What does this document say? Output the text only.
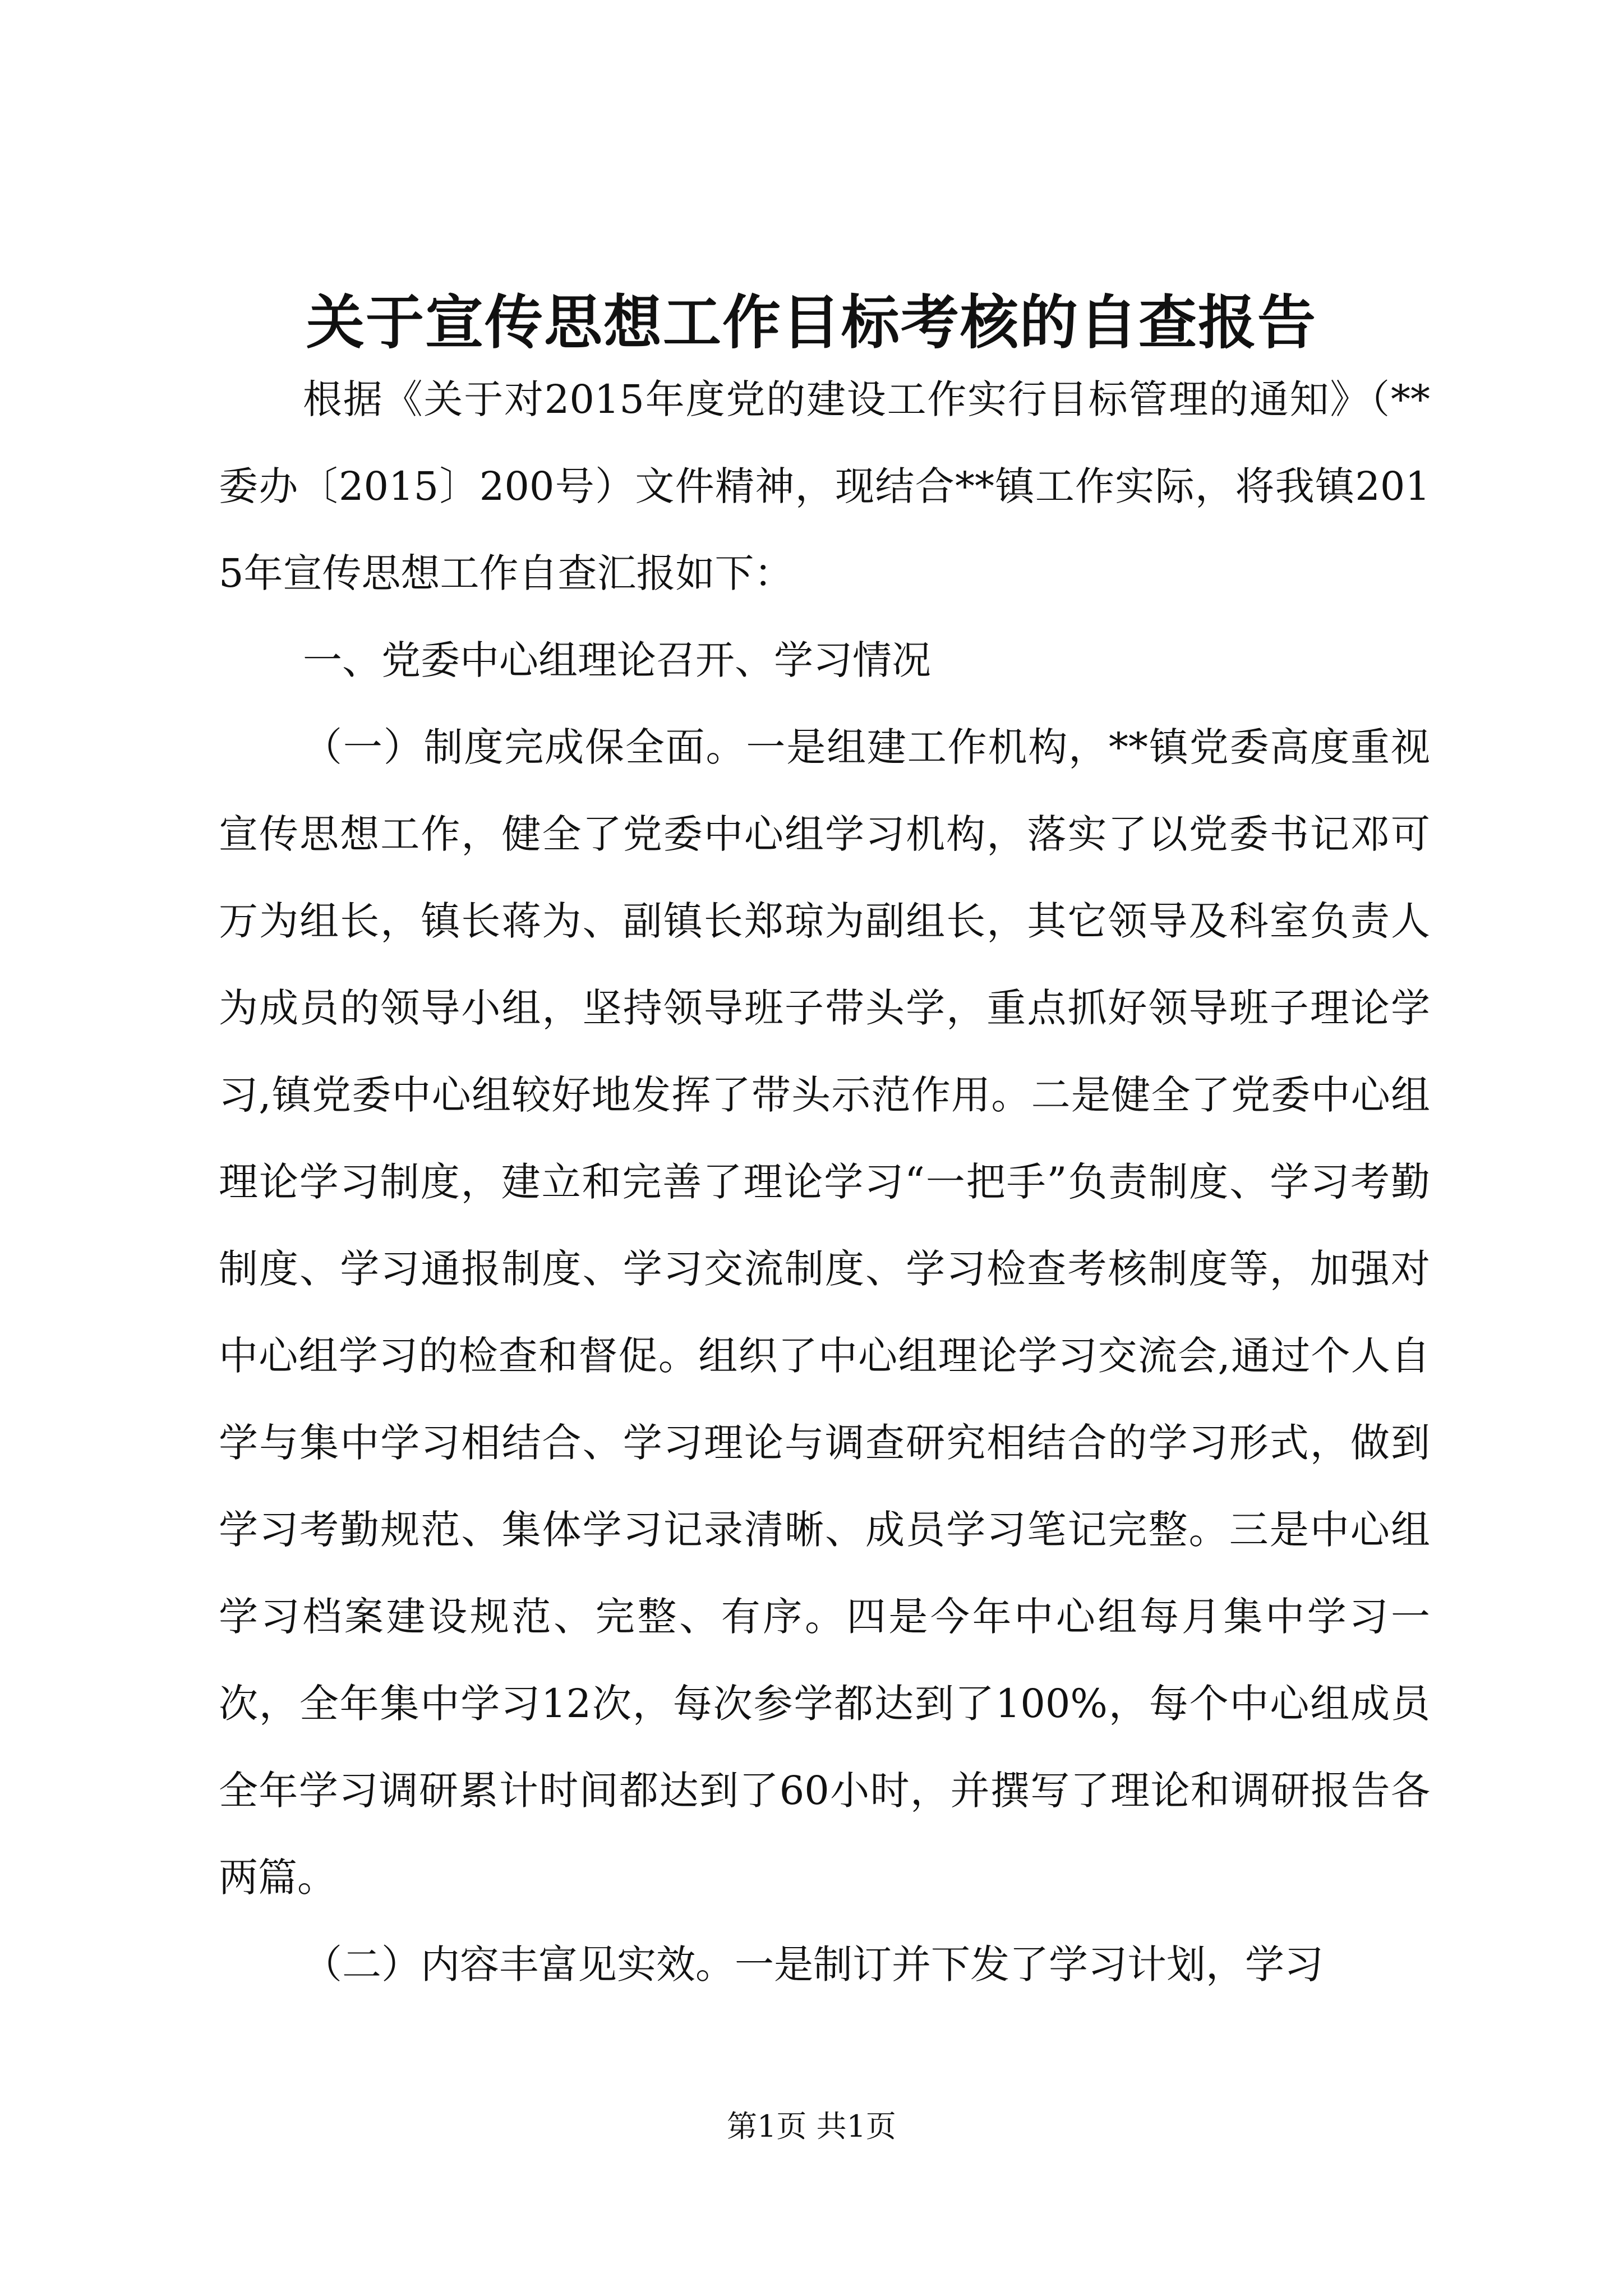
关于宣传思想工作目标考核的自查报告

根据《关于对2015年度党的建设工作实行目标管理的通知》（**委办〔2015〕200号）文件精神，现结合**镇工作实际，将我镇2015年宣传思想工作自查汇报如下：

一、党委中心组理论召开、学习情况

（一）制度完成保全面。一是组建工作机构，**镇党委高度重视宣传思想工作，健全了党委中心组学习机构，落实了以党委书记邓可万为组长，镇长蒋为、副镇长郑琼为副组长，其它领导及科室负责人为成员的领导小组，坚持领导班子带头学，重点抓好领导班子理论学习,镇党委中心组较好地发挥了带头示范作用。二是健全了党委中心组理论学习制度，建立和完善了理论学习“一把手”负责制度、学习考勤制度、学习通报制度、学习交流制度、学习检查考核制度等，加强对中心组学习的检查和督促。组织了中心组理论学习交流会,通过个人自学与集中学习相结合、学习理论与调查研究相结合的学习形式，做到学习考勤规范、集体学习记录清晰、成员学习笔记完整。三是中心组学习档案建设规范、完整、有序。四是今年中心组每月集中学习一次，全年集中学习12次，每次参学都达到了100%，每个中心组成员全年学习调研累计时间都达到了60小时，并撰写了理论和调研报告各两篇。

（二）内容丰富见实效。一是制订并下发了学习计划，学习

第1页 共1页
